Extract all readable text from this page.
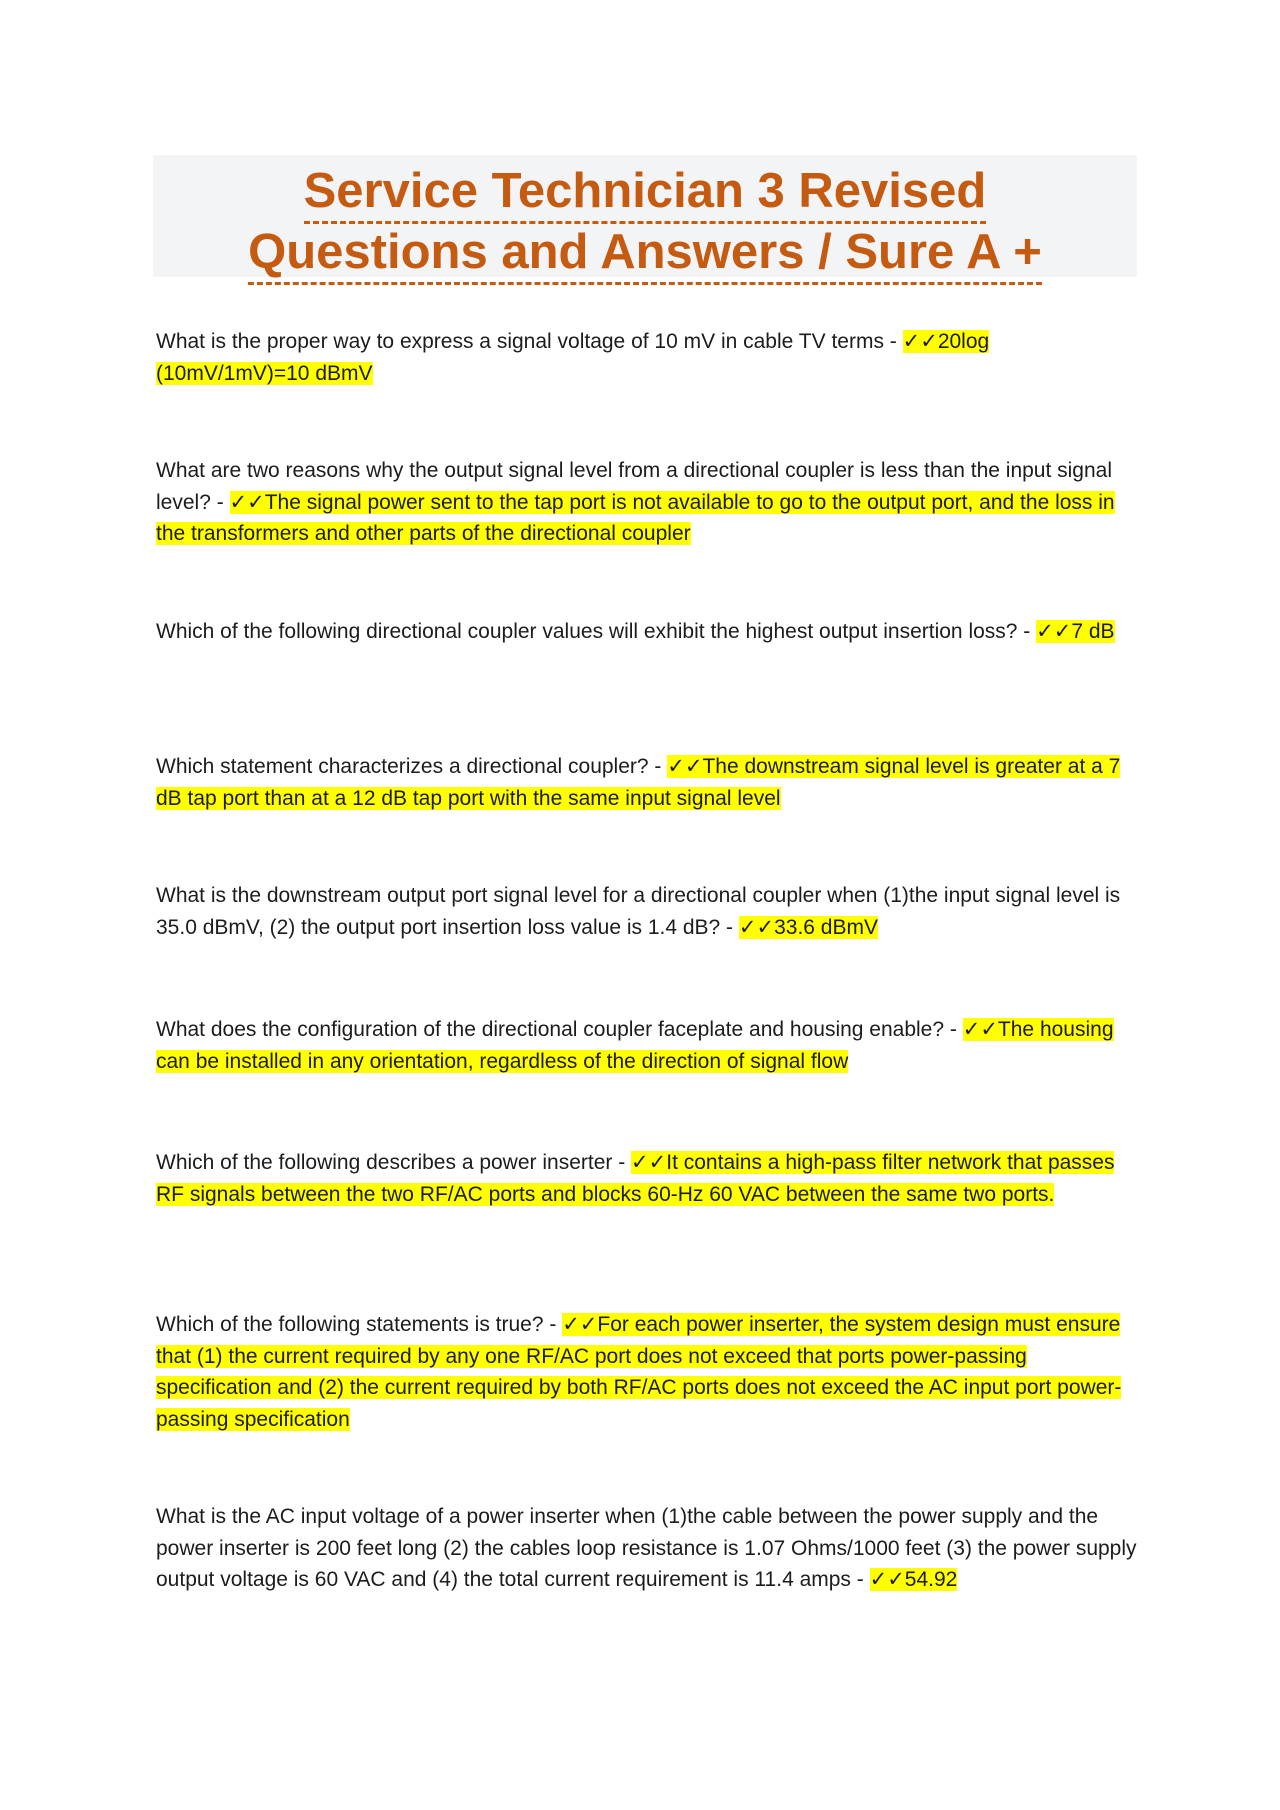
Service Technician 3 Revised
Questions and Answers / Sure A +
What is the proper way to express a signal voltage of 10 mV in cable TV terms - ✓✓20log (10mV/1mV)=10 dBmV
What are two reasons why the output signal level from a directional coupler is less than the input signal level? - ✓✓The signal power sent to the tap port is not available to go to the output port, and the loss in the transformers and other parts of the directional coupler
Which of the following directional coupler values will exhibit the highest output insertion loss? - ✓✓7 dB
Which statement characterizes a directional coupler? - ✓✓The downstream signal level is greater at a 7 dB tap port than at a 12 dB tap port with the same input signal level
What is the downstream output port signal level for a directional coupler when (1)the input signal level is 35.0 dBmV, (2) the output port insertion loss value is 1.4 dB? - ✓✓33.6 dBmV
What does the configuration of the directional coupler faceplate and housing enable? - ✓✓The housing can be installed in any orientation, regardless of the direction of signal flow
Which of the following describes a power inserter - ✓✓It contains a high-pass filter network that passes RF signals between the two RF/AC ports and blocks 60-Hz 60 VAC between the same two ports.
Which of the following statements is true? - ✓✓For each power inserter, the system design must ensure that (1) the current required by any one RF/AC port does not exceed that ports power-passing specification and (2) the current required by both RF/AC ports does not exceed the AC input port power-passing specification
What is the AC input voltage of a power inserter when (1)the cable between the power supply and the power inserter is 200 feet long (2) the cables loop resistance is 1.07 Ohms/1000 feet (3) the power supply output voltage is 60 VAC and (4) the total current requirement is 11.4 amps - ✓✓54.92
